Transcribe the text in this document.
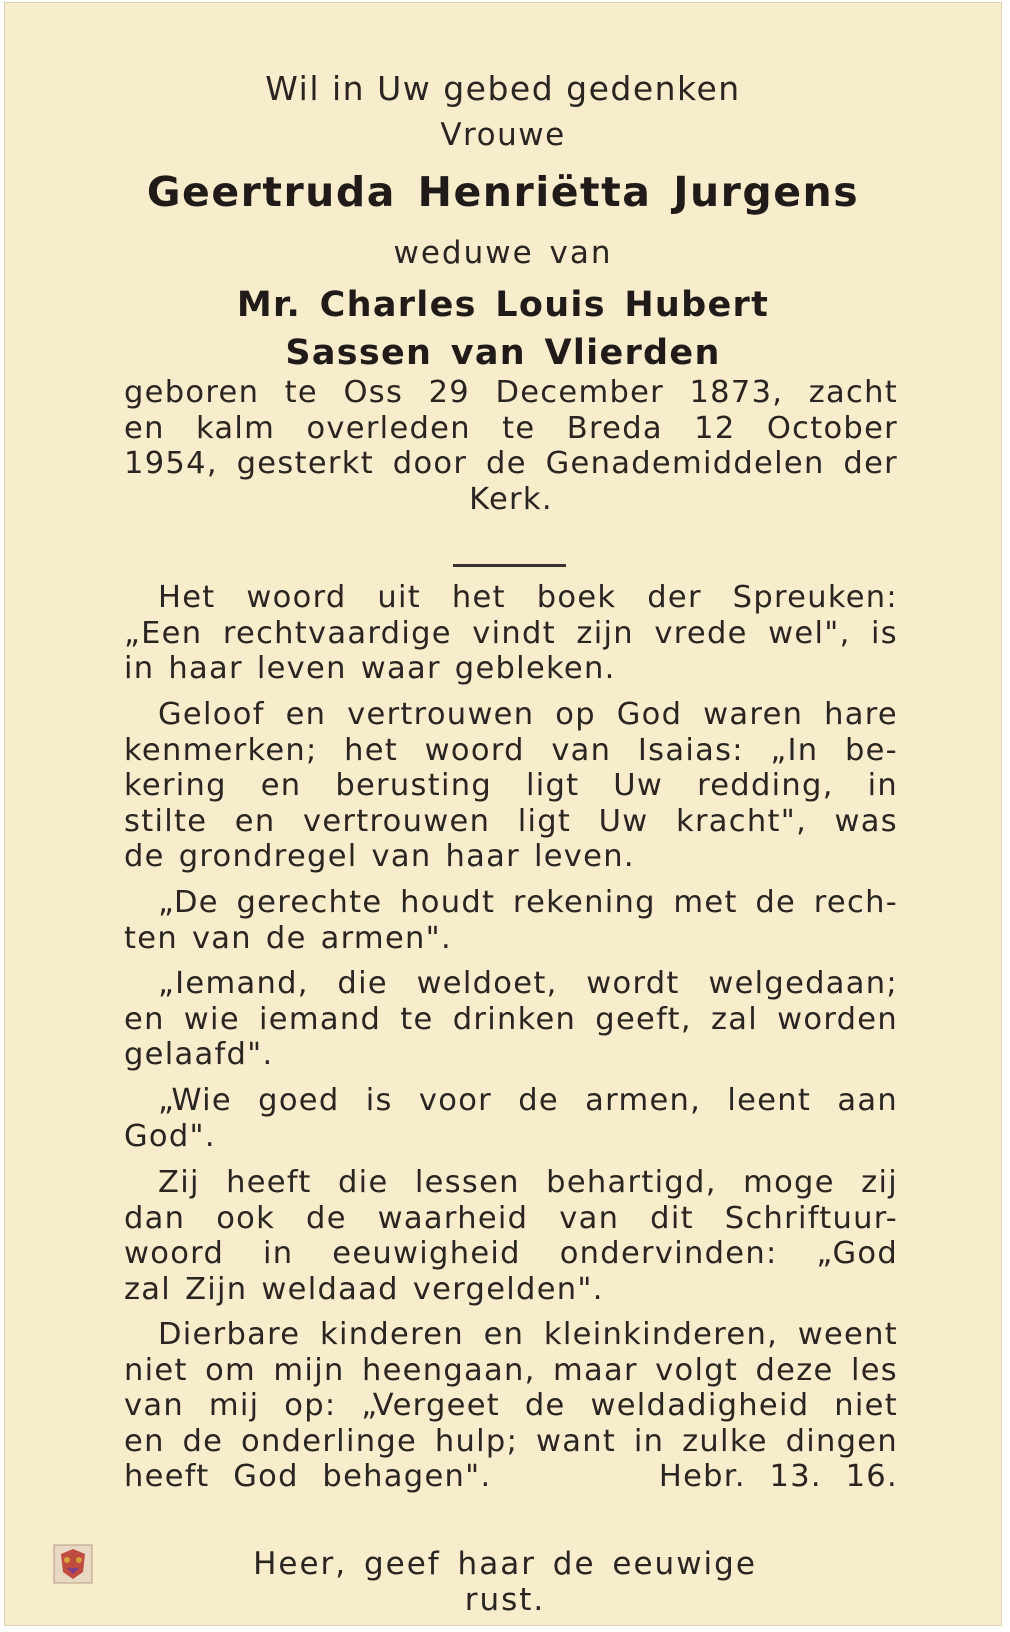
Wil in Uw gebed gedenken
Vrouwe
Geertruda Henriëtta Jurgens
weduwe van
Mr. Charles Louis Hubert
Sassen van Vlierden
geboren te Oss 29 December 1873, zacht
en kalm overleden te Breda 12 October
1954, gesterkt door de Genademiddelen der
Kerk.
Het woord uit het boek der Spreuken:
„Een rechtvaardige vindt zijn vrede wel", is
in haar leven waar gebleken.
Geloof en vertrouwen op God waren hare
kenmerken; het woord van Isaias: „In be-
kering en berusting ligt Uw redding, in
stilte en vertrouwen ligt Uw kracht", was
de grondregel van haar leven.
„De gerechte houdt rekening met de rech-
ten van de armen".
„Iemand, die weldoet, wordt welgedaan;
en wie iemand te drinken geeft, zal worden
gelaafd".
„Wie goed is voor de armen, leent aan
God".
Zij heeft die lessen behartigd, moge zij
dan ook de waarheid van dit Schriftuur-
woord in eeuwigheid ondervinden: „God
zal Zijn weldaad vergelden".
Dierbare kinderen en kleinkinderen, weent
niet om mijn heengaan, maar volgt deze les
van mij op: „Vergeet de weldadigheid niet
en de onderlinge hulp; want in zulke dingen
heeft God behagen".	Hebr. 13. 16.
Heer, geef haar de eeuwige rust.
